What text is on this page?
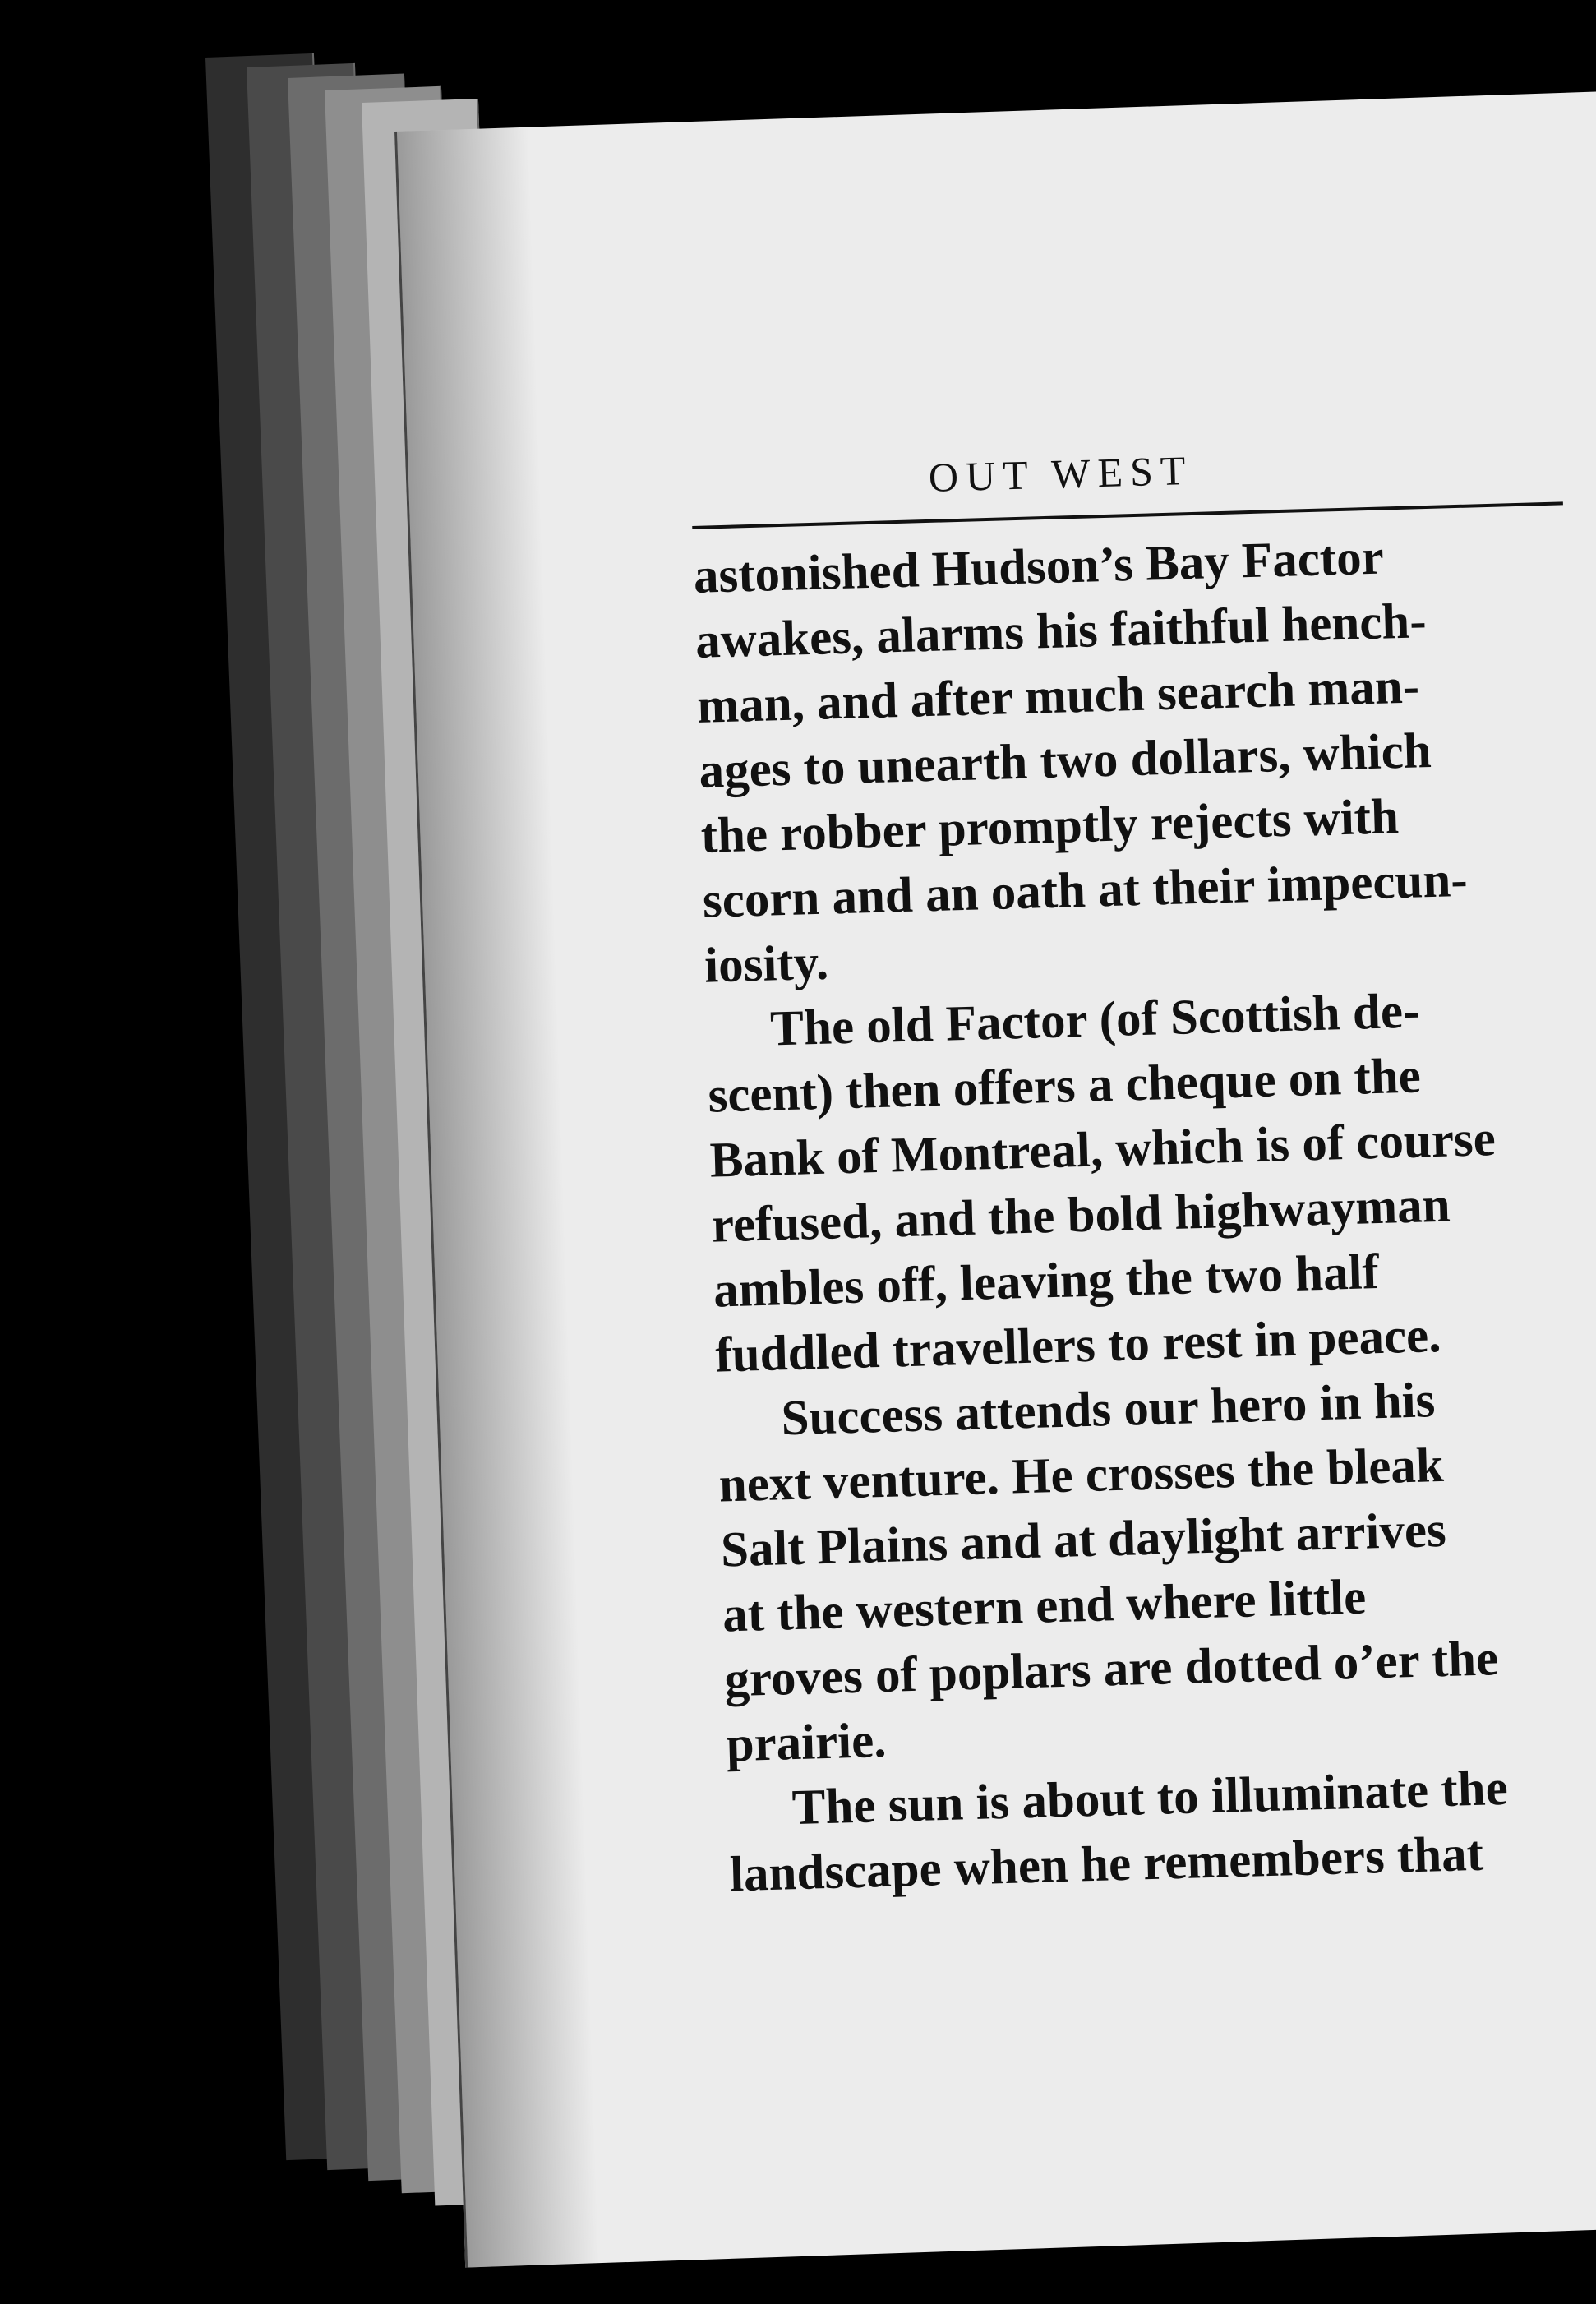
OUT WEST

astonished Hudson’s Bay Factor
awakes, alarms his faithful hench-
man, and after much search man-
ages to unearth two dollars, which
the robber promptly rejects with
scorn and an oath at their impecun-
iosity.

The old Factor (of Scottish de-
scent) then offers a cheque on the
Bank of Montreal, which is of course
refused, and the bold highwayman
ambles off, leaving the two half
fuddled travellers to rest in peace.

Success attends our hero in his
next venture. He crosses the bleak
Salt Plains and at daylight arrives
at the western end where little
groves of poplars are dotted o’er the
prairie.

The sun is about to illuminate the
landscape when he remembers that
